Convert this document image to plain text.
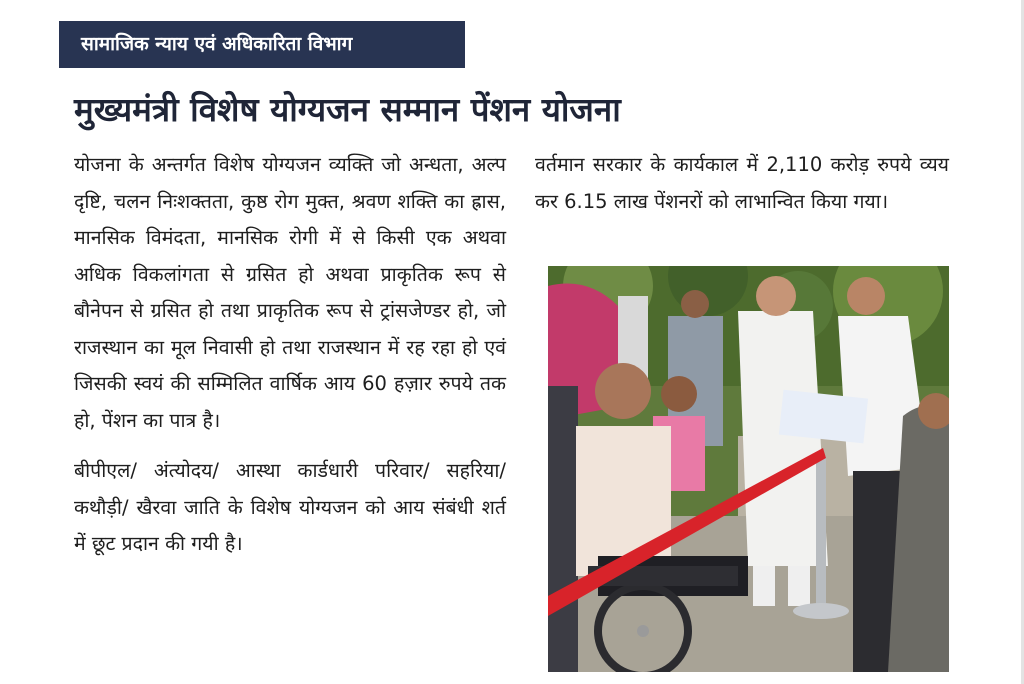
सामाजिक न्याय एवं अधिकारिता विभाग
मुख्यमंत्री विशेष योग्यजन सम्मान पेंशन योजना

योजना के अन्तर्गत विशेष योग्यजन व्यक्ति जो अन्धता, अल्प दृष्टि, चलन निःशक्तता, कुष्ठ रोग मुक्त, श्रवण शक्ति का ह्रास, मानसिक विमंदता, मानसिक रोगी में से किसी एक अथवा अधिक विकलांगता से ग्रसित हो अथवा प्राकृतिक रूप से बौनेपन से ग्रसित हो तथा प्राकृतिक रूप से ट्रांसजेण्डर हो, जो राजस्थान का मूल निवासी हो तथा राजस्थान में रह रहा हो एवं जिसकी स्वयं की सम्मिलित वार्षिक आय 60 हज़ार रुपये तक हो, पेंशन का पात्र है।

बीपीएल/ अंत्योदय/ आस्था कार्डधारी परिवार/ सहरिया/ कथौड़ी/ खैरवा जाति के विशेष योग्यजन को आय संबंधी शर्त में छूट प्रदान की गयी है।

वर्तमान सरकार के कार्यकाल में 2,110 करोड़ रुपये व्यय कर 6.15 लाख पेंशनरों को लाभान्वित किया गया।
